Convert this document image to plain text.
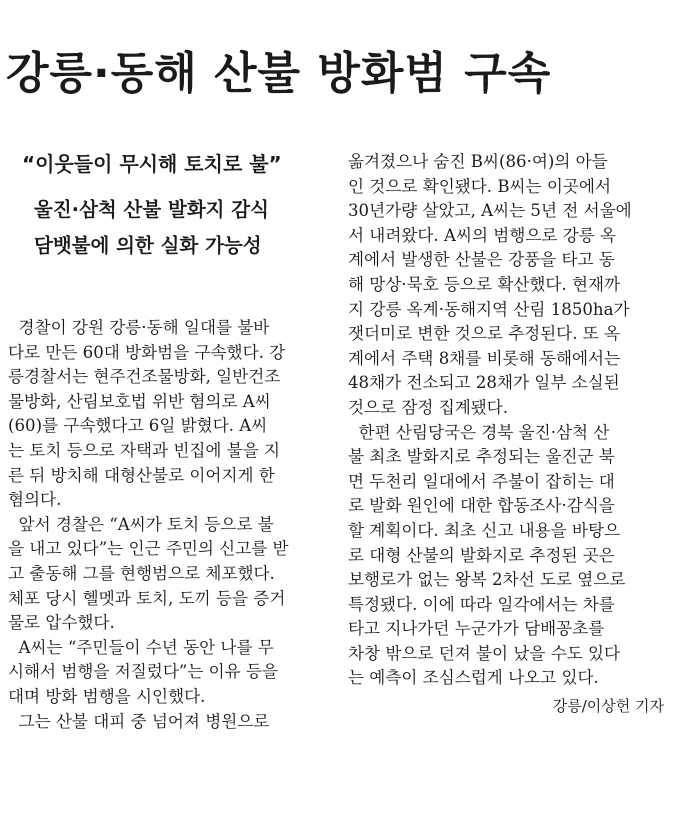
강릉·동해 산불 방화범 구속
“이웃들이 무시해 토치로 불”
울진·삼척 산불 발화지 감식
담뱃불에 의한 실화 가능성
경찰이 강원 강릉·동해 일대를 불바
다로 만든 60대 방화범을 구속했다. 강
릉경찰서는 현주건조물방화, 일반건조
물방화, 산림보호법 위반 혐의로 A씨
(60)를 구속했다고 6일 밝혔다. A씨
는 토치 등으로 자택과 빈집에 불을 지
른 뒤 방치해 대형산불로 이어지게 한
혐의다.
앞서 경찰은 “A씨가 토치 등으로 불
을 내고 있다”는 인근 주민의 신고를 받
고 출동해 그를 현행범으로 체포했다.
체포 당시 헬멧과 토치, 도끼 등을 증거
물로 압수했다.
A씨는 “주민들이 수년 동안 나를 무
시해서 범행을 저질렀다”는 이유 등을
대며 방화 범행을 시인했다.
그는 산불 대피 중 넘어져 병원으로
옮겨졌으나 숨진 B씨(86·여)의 아들
인 것으로 확인됐다. B씨는 이곳에서
30년가량 살았고, A씨는 5년 전 서울에
서 내려왔다. A씨의 범행으로 강릉 옥
계에서 발생한 산불은 강풍을 타고 동
해 망상·묵호 등으로 확산했다. 현재까
지 강릉 옥계·동해지역 산림 1850ha가
잿더미로 변한 것으로 추정된다. 또 옥
계에서 주택 8채를 비롯해 동해에서는
48채가 전소되고 28채가 일부 소실된
것으로 잠정 집계됐다.
한편 산림당국은 경북 울진·삼척 산
불 최초 발화지로 추정되는 울진군 북
면 두천리 일대에서 주불이 잡히는 대
로 발화 원인에 대한 합동조사·감식을
할 계획이다. 최초 신고 내용을 바탕으
로 대형 산불의 발화지로 추정된 곳은
보행로가 없는 왕복 2차선 도로 옆으로
특정됐다. 이에 따라 일각에서는 차를
타고 지나가던 누군가가 담배꽁초를
차창 밖으로 던져 불이 났을 수도 있다
는 예측이 조심스럽게 나오고 있다.
강릉/이상헌 기자
